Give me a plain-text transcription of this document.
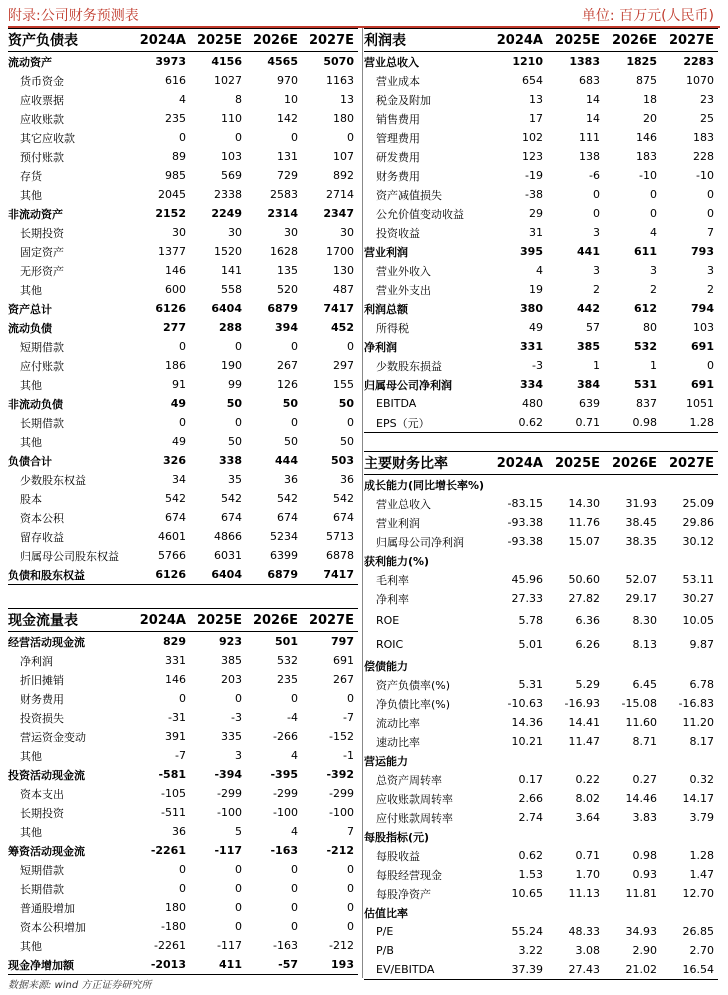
附录:公司财务预测表	单位: 百万元(人民币)
资产负债表	2024A	2025E	2026E	2027E
流动资产	3973	4156	4565	5070
货币资金	616	1027	970	1163
应收票据	4	8	10	13
应收账款	235	110	142	180
其它应收款	0	0	0	0
预付账款	89	103	131	107
存货	985	569	729	892
其他	2045	2338	2583	2714
非流动资产	2152	2249	2314	2347
长期投资	30	30	30	30
固定资产	1377	1520	1628	1700
无形资产	146	141	135	130
其他	600	558	520	487
资产总计	6126	6404	6879	7417
流动负债	277	288	394	452
短期借款	0	0	0	0
应付账款	186	190	267	297
其他	91	99	126	155
非流动负债	49	50	50	50
长期借款	0	0	0	0
其他	49	50	50	50
负债合计	326	338	444	503
少数股东权益	34	35	36	36
股本	542	542	542	542
资本公积	674	674	674	674
留存收益	4601	4866	5234	5713
归属母公司股东权益	5766	6031	6399	6878
负债和股东权益	6126	6404	6879	7417
现金流量表	2024A	2025E	2026E	2027E
经营活动现金流	829	923	501	797
净利润	331	385	532	691
折旧摊销	146	203	235	267
财务费用	0	0	0	0
投资损失	-31	-3	-4	-7
营运资金变动	391	335	-266	-152
其他	-7	3	4	-1
投资活动现金流	-581	-394	-395	-392
资本支出	-105	-299	-299	-299
长期投资	-511	-100	-100	-100
其他	36	5	4	7
筹资活动现金流	-2261	-117	-163	-212
短期借款	0	0	0	0
长期借款	0	0	0	0
普通股增加	180	0	0	0
资本公积增加	-180	0	0	0
其他	-2261	-117	-163	-212
现金净增加额	-2013	411	-57	193
利润表	2024A	2025E	2026E	2027E
营业总收入	1210	1383	1825	2283
营业成本	654	683	875	1070
税金及附加	13	14	18	23
销售费用	17	14	20	25
管理费用	102	111	146	183
研发费用	123	138	183	228
财务费用	-19	-6	-10	-10
资产减值损失	-38	0	0	0
公允价值变动收益	29	0	0	0
投资收益	31	3	4	7
营业利润	395	441	611	793
营业外收入	4	3	3	3
营业外支出	19	2	2	2
利润总额	380	442	612	794
所得税	49	57	80	103
净利润	331	385	532	691
少数股东损益	-3	1	1	0
归属母公司净利润	334	384	531	691
EBITDA	480	639	837	1051
EPS（元）	0.62	0.71	0.98	1.28
主要财务比率	2024A	2025E	2026E	2027E
成长能力(同比增长率%)				
营业总收入	-83.15	14.30	31.93	25.09
营业利润	-93.38	11.76	38.45	29.86
归属母公司净利润	-93.38	15.07	38.35	30.12
获利能力(%)				
毛利率	45.96	50.60	52.07	53.11
净利率	27.33	27.82	29.17	30.27
ROE	5.78	6.36	8.30	10.05
ROIC	5.01	6.26	8.13	9.87
偿债能力				
资产负债率(%)	5.31	5.29	6.45	6.78
净负债比率(%)	-10.63	-16.93	-15.08	-16.83
流动比率	14.36	14.41	11.60	11.20
速动比率	10.21	11.47	8.71	8.17
营运能力				
总资产周转率	0.17	0.22	0.27	0.32
应收账款周转率	2.66	8.02	14.46	14.17
应付账款周转率	2.74	3.64	3.83	3.79
每股指标(元)				
每股收益	0.62	0.71	0.98	1.28
每股经营现金	1.53	1.70	0.93	1.47
每股净资产	10.65	11.13	11.81	12.70
估值比率				
P/E	55.24	48.33	34.93	26.85
P/B	3.22	3.08	2.90	2.70
EV/EBITDA	37.39	27.43	21.02	16.54
数据来源: wind 方正证券研究所
